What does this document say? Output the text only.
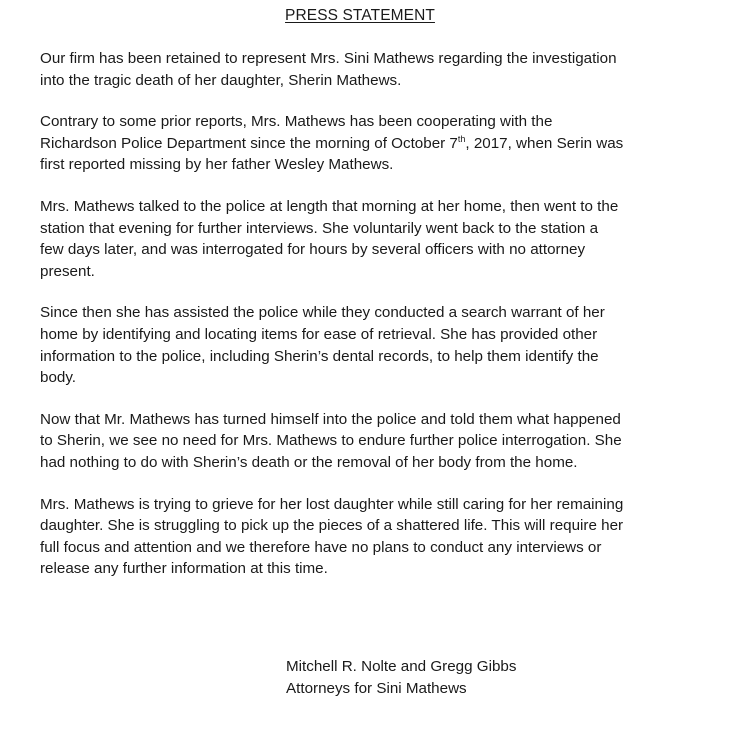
PRESS STATEMENT

Our firm has been retained to represent Mrs. Sini Mathews regarding the investigation
into the tragic death of her daughter, Sherin Mathews.

Contrary to some prior reports, Mrs. Mathews has been cooperating with the
Richardson Police Department since the morning of October 7th, 2017, when Serin was
first reported missing by her father Wesley Mathews.

Mrs. Mathews talked to the police at length that morning at her home, then went to the
station that evening for further interviews. She voluntarily went back to the station a
few days later, and was interrogated for hours by several officers with no attorney
present.

Since then she has assisted the police while they conducted a search warrant of her
home by identifying and locating items for ease of retrieval. She has provided other
information to the police, including Sherin’s dental records, to help them identify the
body.

Now that Mr. Mathews has turned himself into the police and told them what happened
to Sherin, we see no need for Mrs. Mathews to endure further police interrogation. She
had nothing to do with Sherin’s death or the removal of her body from the home.

Mrs. Mathews is trying to grieve for her lost daughter while still caring for her remaining
daughter. She is struggling to pick up the pieces of a shattered life. This will require her
full focus and attention and we therefore have no plans to conduct any interviews or
release any further information at this time.

Mitchell R. Nolte and Gregg Gibbs
Attorneys for Sini Mathews
